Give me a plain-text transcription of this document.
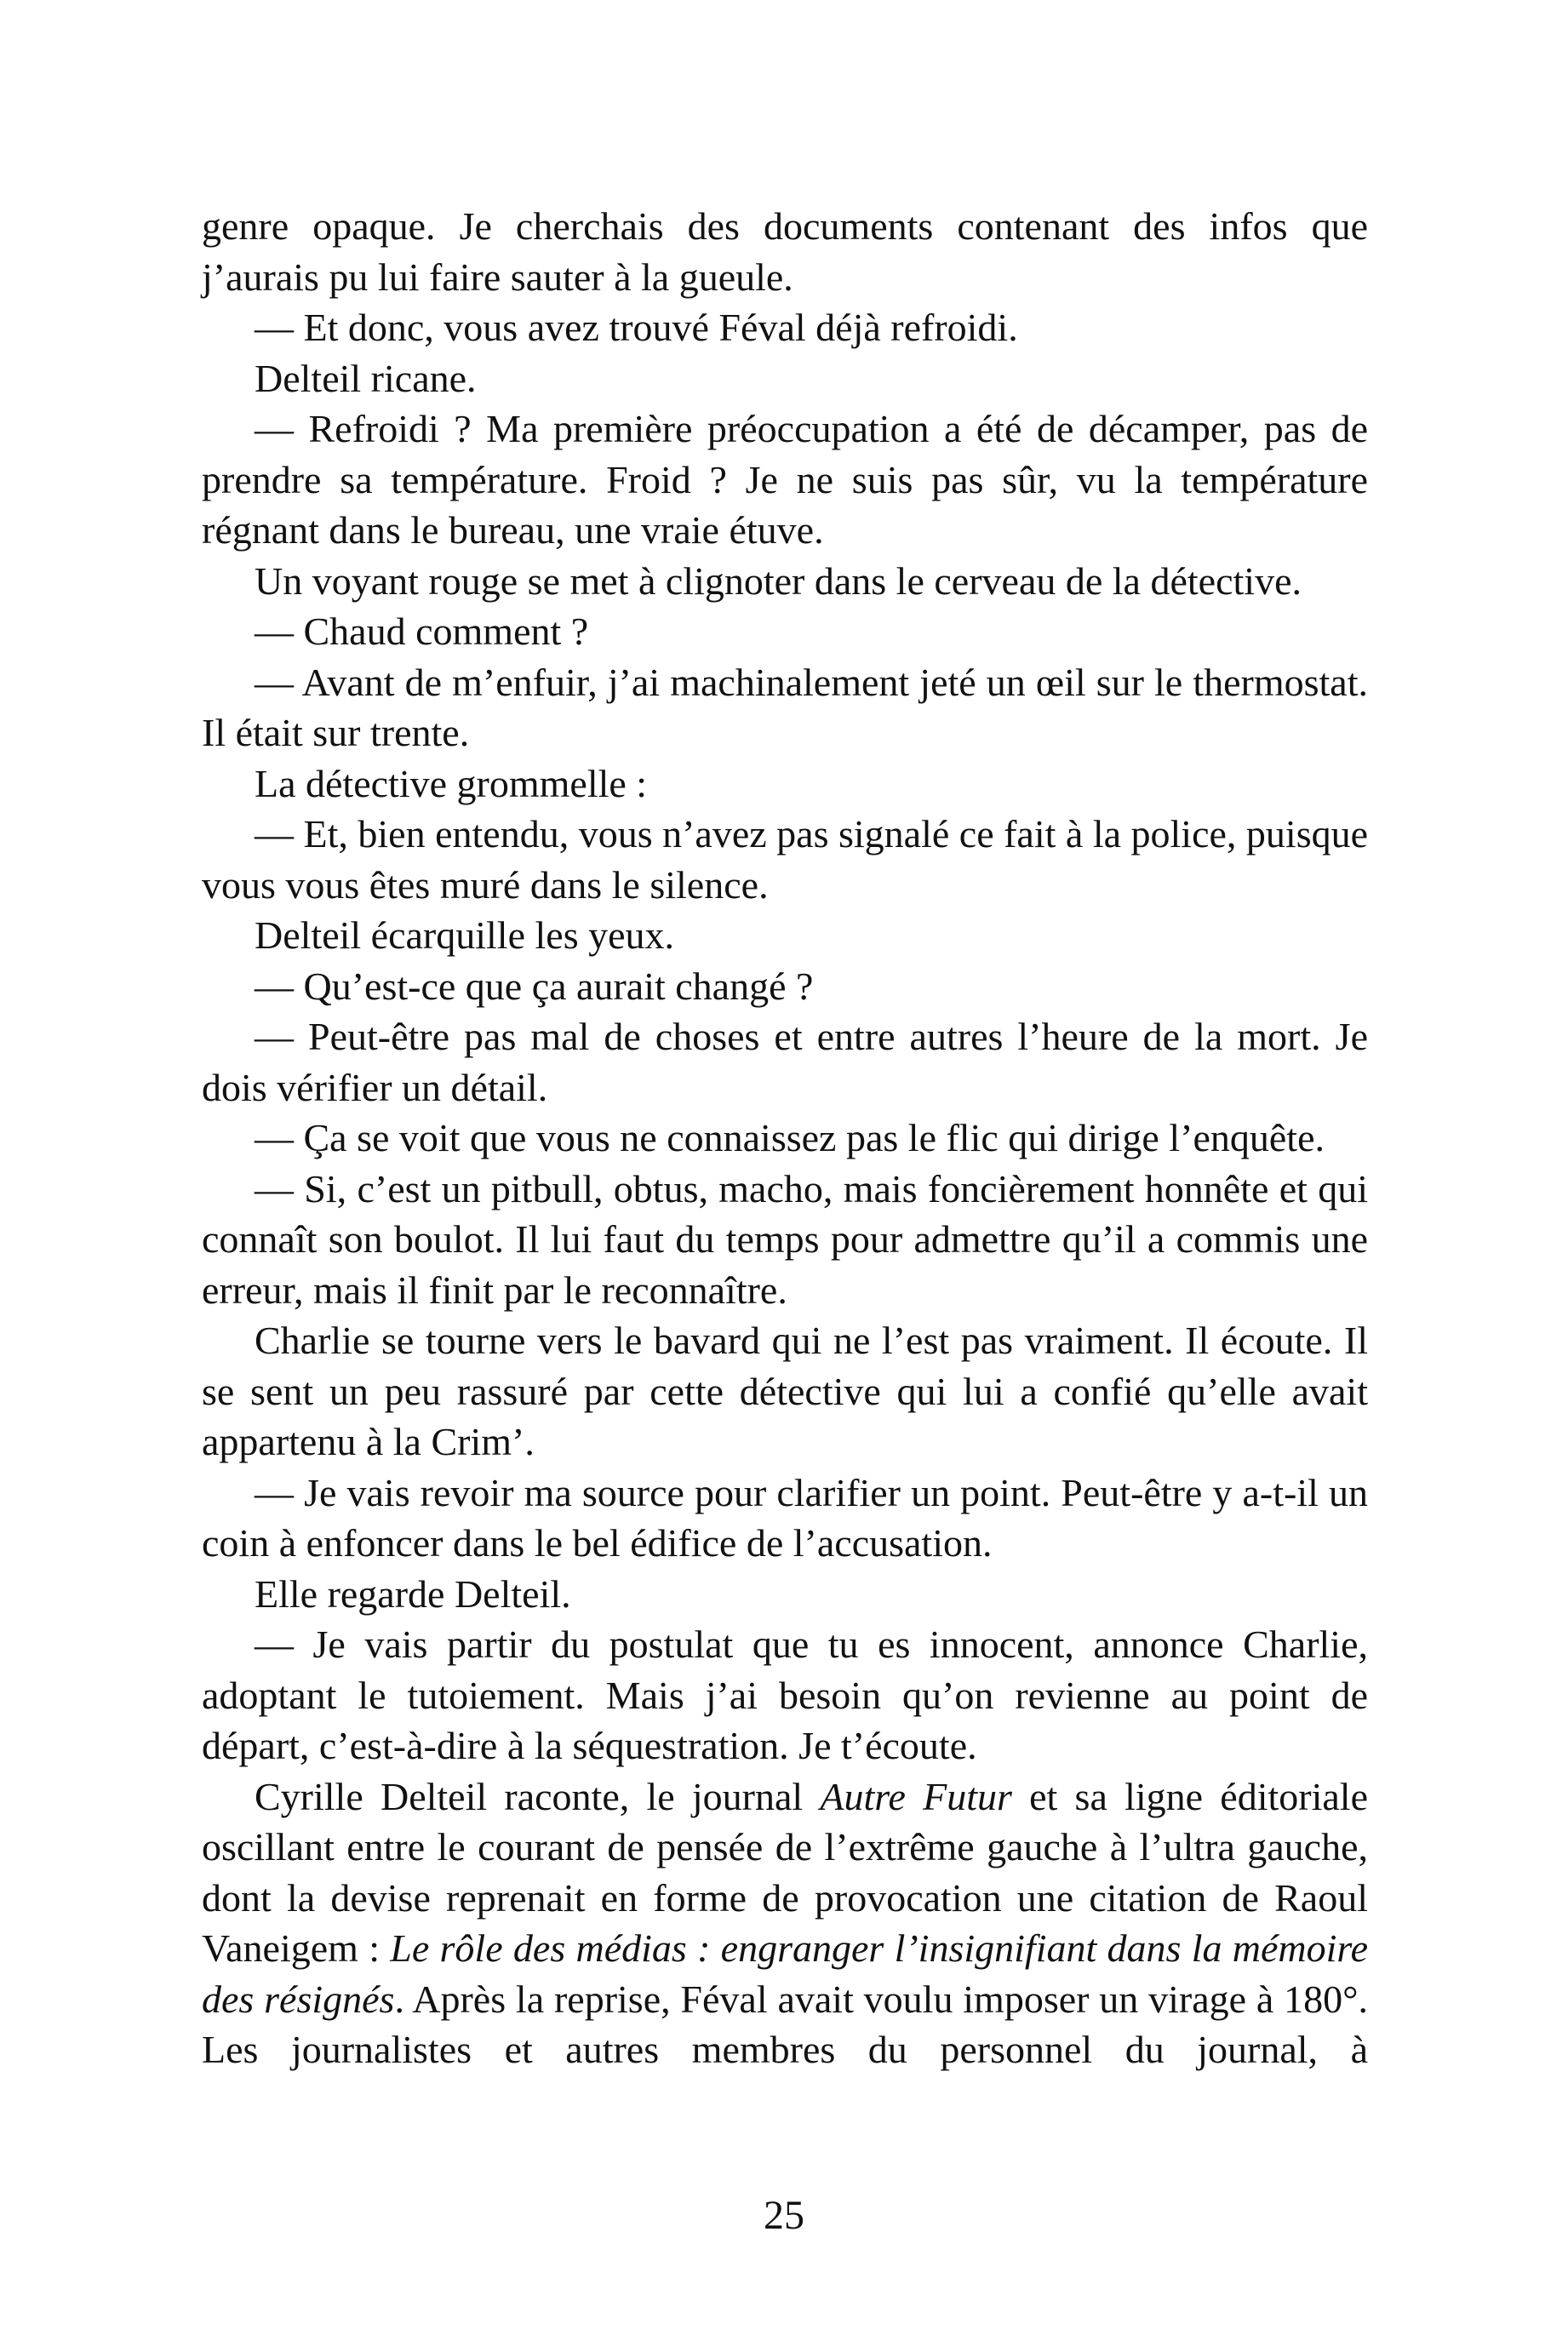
genre opaque. Je cherchais des documents contenant des infos que j’aurais pu lui faire sauter à la gueule.

— Et donc, vous avez trouvé Féval déjà refroidi.

Delteil ricane.

— Refroidi ? Ma première préoccupation a été de décamper, pas de prendre sa température. Froid ? Je ne suis pas sûr, vu la température régnant dans le bureau, une vraie étuve.

Un voyant rouge se met à clignoter dans le cerveau de la détective.

— Chaud comment ?

— Avant de m’enfuir, j’ai machinalement jeté un œil sur le thermostat. Il était sur trente.

La détective grommelle :

— Et, bien entendu, vous n’avez pas signalé ce fait à la police, puisque vous vous êtes muré dans le silence.

Delteil écarquille les yeux.

— Qu’est-ce que ça aurait changé ?

— Peut-être pas mal de choses et entre autres l’heure de la mort. Je dois vérifier un détail.

— Ça se voit que vous ne connaissez pas le flic qui dirige l’enquête.

— Si, c’est un pitbull, obtus, macho, mais foncièrement honnête et qui connaît son boulot. Il lui faut du temps pour admettre qu’il a commis une erreur, mais il finit par le reconnaître.

Charlie se tourne vers le bavard qui ne l’est pas vraiment. Il écoute. Il se sent un peu rassuré par cette détective qui lui a confié qu’elle avait appartenu à la Crim’.

— Je vais revoir ma source pour clarifier un point. Peut-être y a-t-il un coin à enfoncer dans le bel édifice de l’accusation.

Elle regarde Delteil.

— Je vais partir du postulat que tu es innocent, annonce Charlie, adoptant le tutoiement. Mais j’ai besoin qu’on revienne au point de départ, c’est-à-dire à la séquestration. Je t’écoute.

Cyrille Delteil raconte, le journal Autre Futur et sa ligne éditoriale oscillant entre le courant de pensée de l’extrême gauche à l’ultra gauche, dont la devise reprenait en forme de provocation une citation de Raoul Vaneigem : Le rôle des médias : engranger l’insignifiant dans la mémoire des résignés. Après la reprise, Féval avait voulu imposer un virage à 180°. Les journalistes et autres membres du personnel du journal, à

25
